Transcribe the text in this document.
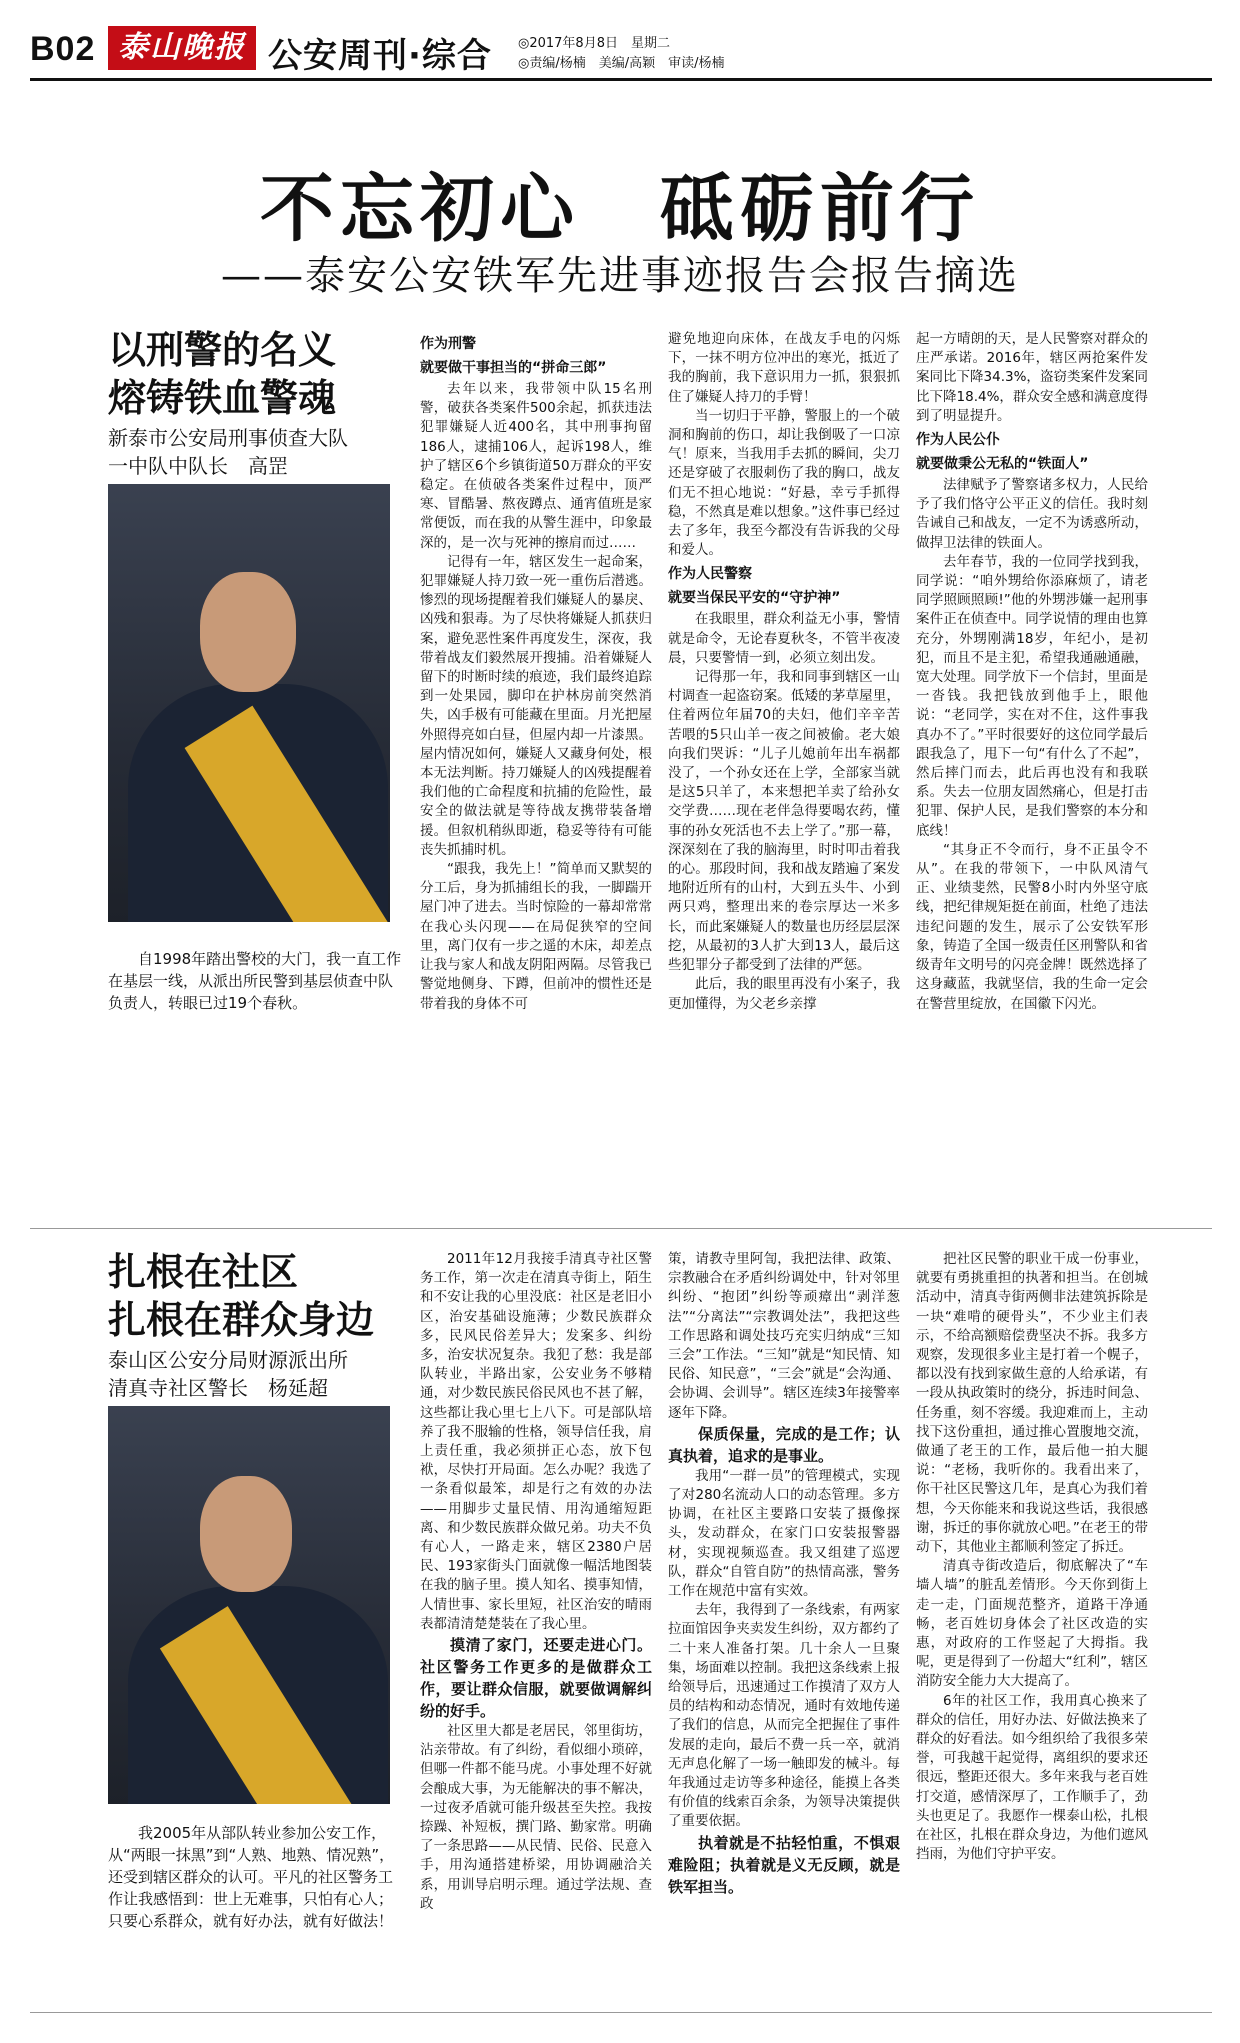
B02 泰山晚报 公安周刊·综合 ◎2017年8月8日　星期二
◎责编/杨楠　美编/高颖　审读/杨楠
不忘初心　砥砺前行
——泰安公安铁军先进事迹报告会报告摘选
以刑警的名义
熔铸铁血警魂
新泰市公安局刑事侦查大队
一中队中队长　高罡
自1998年踏出警校的大门，我一直工作在基层一线，从派出所民警到基层侦查中队负责人，转眼已过19个春秋。
作为刑警
就要做干事担当的“拼命三郎”

去年以来，我带领中队15名刑警，破获各类案件500余起，抓获违法犯罪嫌疑人近400名，其中刑事拘留186人，逮捕106人，起诉198人，维护了辖区6个乡镇街道50万群众的平安稳定。在侦破各类案件过程中，顶严寒、冒酷暑、熬夜蹲点、通宵值班是家常便饭，而在我的从警生涯中，印象最深的，是一次与死神的擦肩而过……

记得有一年，辖区发生一起命案，犯罪嫌疑人持刀致一死一重伤后潜逃。惨烈的现场提醒着我们嫌疑人的暴戾、凶残和狠毒。为了尽快将嫌疑人抓获归案，避免恶性案件再度发生，深夜，我带着战友们毅然展开搜捕。沿着嫌疑人留下的时断时续的痕迹，我们最终追踪到一处果园，脚印在护林房前突然消失，凶手极有可能藏在里面。月光把屋外照得亮如白昼，但屋内却一片漆黑。屋内情况如何，嫌疑人又藏身何处，根本无法判断。持刀嫌疑人的凶残提醒着我们他的亡命程度和抗捕的危险性，最安全的做法就是等待战友携带装备增援。但叙机稍纵即逝，稳妥等待有可能丧失抓捕时机。

“跟我，我先上！”简单而又默契的分工后，身为抓捕组长的我，一脚踹开屋门冲了进去。当时惊险的一幕却常常在我心头闪现——在局促狭窄的空间里，离门仅有一步之遥的木床，却差点让我与家人和战友阴阳两隔。尽管我已警觉地侧身、下蹲，但前冲的惯性还是带着我的身体不可

避免地迎向床体，在战友手电的闪烁下，一抹不明方位冲出的寒光，抵近了我的胸前，我下意识用力一抓，狠狠抓住了嫌疑人持刀的手臂！

当一切归于平静，警服上的一个破洞和胸前的伤口，却让我倒吸了一口凉气！原来，当我用手去抓的瞬间，尖刀还是穿破了衣服刺伤了我的胸口，战友们无不担心地说：“好悬，幸亏手抓得稳，不然真是难以想象。”这件事已经过去了多年，我至今都没有告诉我的父母和爱人。

作为人民警察
就要当保民平安的“守护神”

在我眼里，群众利益无小事，警情就是命令，无论春夏秋冬，不管半夜凌晨，只要警情一到，必须立刻出发。

记得那一年，我和同事到辖区一山村调查一起盗窃案。低矮的茅草屋里，住着两位年届70的夫妇，他们辛辛苦苦喂的5只山羊一夜之间被偷。老大娘向我们哭诉：“儿子儿媳前年出车祸都没了，一个孙女还在上学，全部家当就是这5只羊了，本来想把羊卖了给孙女交学费……现在老伴急得要喝农药，懂事的孙女死活也不去上学了。”那一幕，深深刻在了我的脑海里，时时叩击着我的心。那段时间，我和战友踏遍了案发地附近所有的山村，大到五头牛、小到两只鸡，整理出来的卷宗厚达一米多长，而此案嫌疑人的数量也历经层层深挖，从最初的3人扩大到13人，最后这些犯罪分子都受到了法律的严惩。

此后，我的眼里再没有小案子，我更加懂得，为父老乡亲撑

起一方晴朗的天，是人民警察对群众的庄严承诺。2016年，辖区两抢案件发案同比下降34.3%，盗窃类案件发案同比下降18.4%，群众安全感和满意度得到了明显提升。

作为人民公仆
就要做秉公无私的“铁面人”

法律赋予了警察诸多权力，人民给予了我们恪守公平正义的信任。我时刻告诫自己和战友，一定不为诱惑所动，做捍卫法律的铁面人。

去年春节，我的一位同学找到我，同学说：“咱外甥给你添麻烦了，请老同学照顾照顾!”他的外甥涉嫌一起刑事案件正在侦查中。同学说情的理由也算充分，外甥刚满18岁，年纪小，是初犯，而且不是主犯，希望我通融通融，宽大处理。同学放下一个信封，里面是一沓钱。我把钱放到他手上，眼他说：“老同学，实在对不住，这件事我真办不了。”平时很要好的这位同学最后跟我急了，甩下一句“有什么了不起”，然后摔门而去，此后再也没有和我联系。失去一位朋友固然痛心，但是打击犯罪、保护人民，是我们警察的本分和底线！

“其身正不令而行，身不正虽令不从”。在我的带领下，一中队风清气正、业绩斐然，民警8小时内外坚守底线，把纪律规矩挺在前面，杜绝了违法违纪问题的发生，展示了公安铁军形象，铸造了全国一级责任区刑警队和省级青年文明号的闪亮金牌！既然选择了这身藏蓝，我就坚信，我的生命一定会在警营里绽放，在国徽下闪光。

扎根在社区
扎根在群众身边
泰山区公安分局财源派出所
清真寺社区警长　杨延超
我2005年从部队转业参加公安工作，从“两眼一抹黑”到“人熟、地熟、情况熟”，还受到辖区群众的认可。平凡的社区警务工作让我感悟到：世上无难事，只怕有心人；只要心系群众，就有好办法，就有好做法！

2011年12月我接手清真寺社区警务工作，第一次走在清真寺街上，陌生和不安让我的心里没底：社区是老旧小区，治安基础设施薄；少数民族群众多，民风民俗差异大；发案多、纠纷多，治安状况复杂。我犯了愁：我是部队转业，半路出家，公安业务不够精通，对少数民族民俗民风也不甚了解，这些都让我心里七上八下。可是部队培养了我不服输的性格，领导信任我，肩上责任重，我必须拼正心态，放下包袱，尽快打开局面。怎么办呢？我选了一条看似最笨，却是行之有效的办法——用脚步丈量民情、用沟通缩短距离、和少数民族群众做兄弟。功夫不负有心人，一路走来，辖区2380户居民、193家街头门面就像一幅活地图装在我的脑子里。摸人知名、摸事知情，人情世事、家长里短，社区治安的晴雨表都清清楚楚装在了我心里。

摸清了家门，还要走进心门。社区警务工作更多的是做群众工作，要让群众信服，就要做调解纠纷的好手。

社区里大都是老居民，邻里街坊，沾亲带故。有了纠纷，看似细小琐碎，但哪一件都不能马虎。小事处理不好就会酿成大事，为无能解决的事不解决，一过夜矛盾就可能升级甚至失控。我按捺躁、补短板，撰门路、勤家常。明确了一条思路——从民情、民俗、民意入手，用沟通搭建桥梁，用协调融洽关系，用训导启明示理。通过学法规、查政

策，请教寺里阿訇，我把法律、政策、宗教融合在矛盾纠纷调处中，针对邻里纠纷、“抱团”纠纷等顽瘴出“剥洋葱法”“分离法”“宗教调处法”，我把这些工作思路和调处技巧充实归纳成“三知三会”工作法。“三知”就是“知民情、知民俗、知民意”，“三会”就是“会沟通、会协调、会训导”。辖区连续3年接警率逐年下降。

保质保量，完成的是工作；认真执着，追求的是事业。

我用“一群一员”的管理模式，实现了对280名流动人口的动态管理。多方协调，在社区主要路口安装了摄像探头，发动群众，在家门口安装报警器材，实现视频巡查。我又组建了巡逻队，群众“自管自防”的热情高涨，警务工作在规范中富有实效。

去年，我得到了一条线索，有两家拉面馆因争夹卖发生纠纷，双方都约了二十来人准备打架。几十余人一旦聚集，场面难以控制。我把这条线索上报给领导后，迅速通过工作摸清了双方人员的结构和动态情况，通时有效地传递了我们的信息，从而完全把握住了事件发展的走向，最后不费一兵一卒，就消无声息化解了一场一触即发的械斗。每年我通过走访等多种途径，能摸上各类有价值的线索百余条，为领导决策提供了重要依据。

执着就是不拈轻怕重，不惧艰难险阻；执着就是义无反顾，就是铁军担当。

把社区民警的职业干成一份事业，就要有勇挑重担的执著和担当。在创城活动中，清真寺街两侧非法建筑拆除是一块“难啃的硬骨头”，不少业主们表示，不给高额赔偿费坚决不拆。我多方观察，发现很多业主是打着一个幌子，都以没有找到家做生意的人给承诺，有一段从执政策时的绕分，拆违时间急、任务重，刻不容缓。我迎难而上，主动找下这份重担，通过推心置腹地交流，做通了老王的工作，最后他一拍大腿说：“老杨，我听你的。我看出来了，你干社区民警这几年，是真心为我们着想，今天你能来和我说这些话，我很感谢，拆迁的事你就放心吧。”在老王的带动下，其他业主都顺利签定了拆迁。

清真寺街改造后，彻底解决了“车墙人墙”的脏乱差情形。今天你到街上走一走，门面规范整齐，道路干净通畅，老百姓切身体会了社区改造的实惠，对政府的工作竖起了大拇指。我呢，更是得到了一份超大“红利”，辖区消防安全能力大大提高了。

6年的社区工作，我用真心换来了群众的信任，用好办法、好做法换来了群众的好看法。如今组织给了我很多荣誉，可我越干起觉得，离组织的要求还很远，整距还很大。多年来我与老百姓打交道，感情深厚了，工作顺手了，劲头也更足了。我愿作一棵泰山松，扎根在社区，扎根在群众身边，为他们遮风挡雨，为他们守护平安。
